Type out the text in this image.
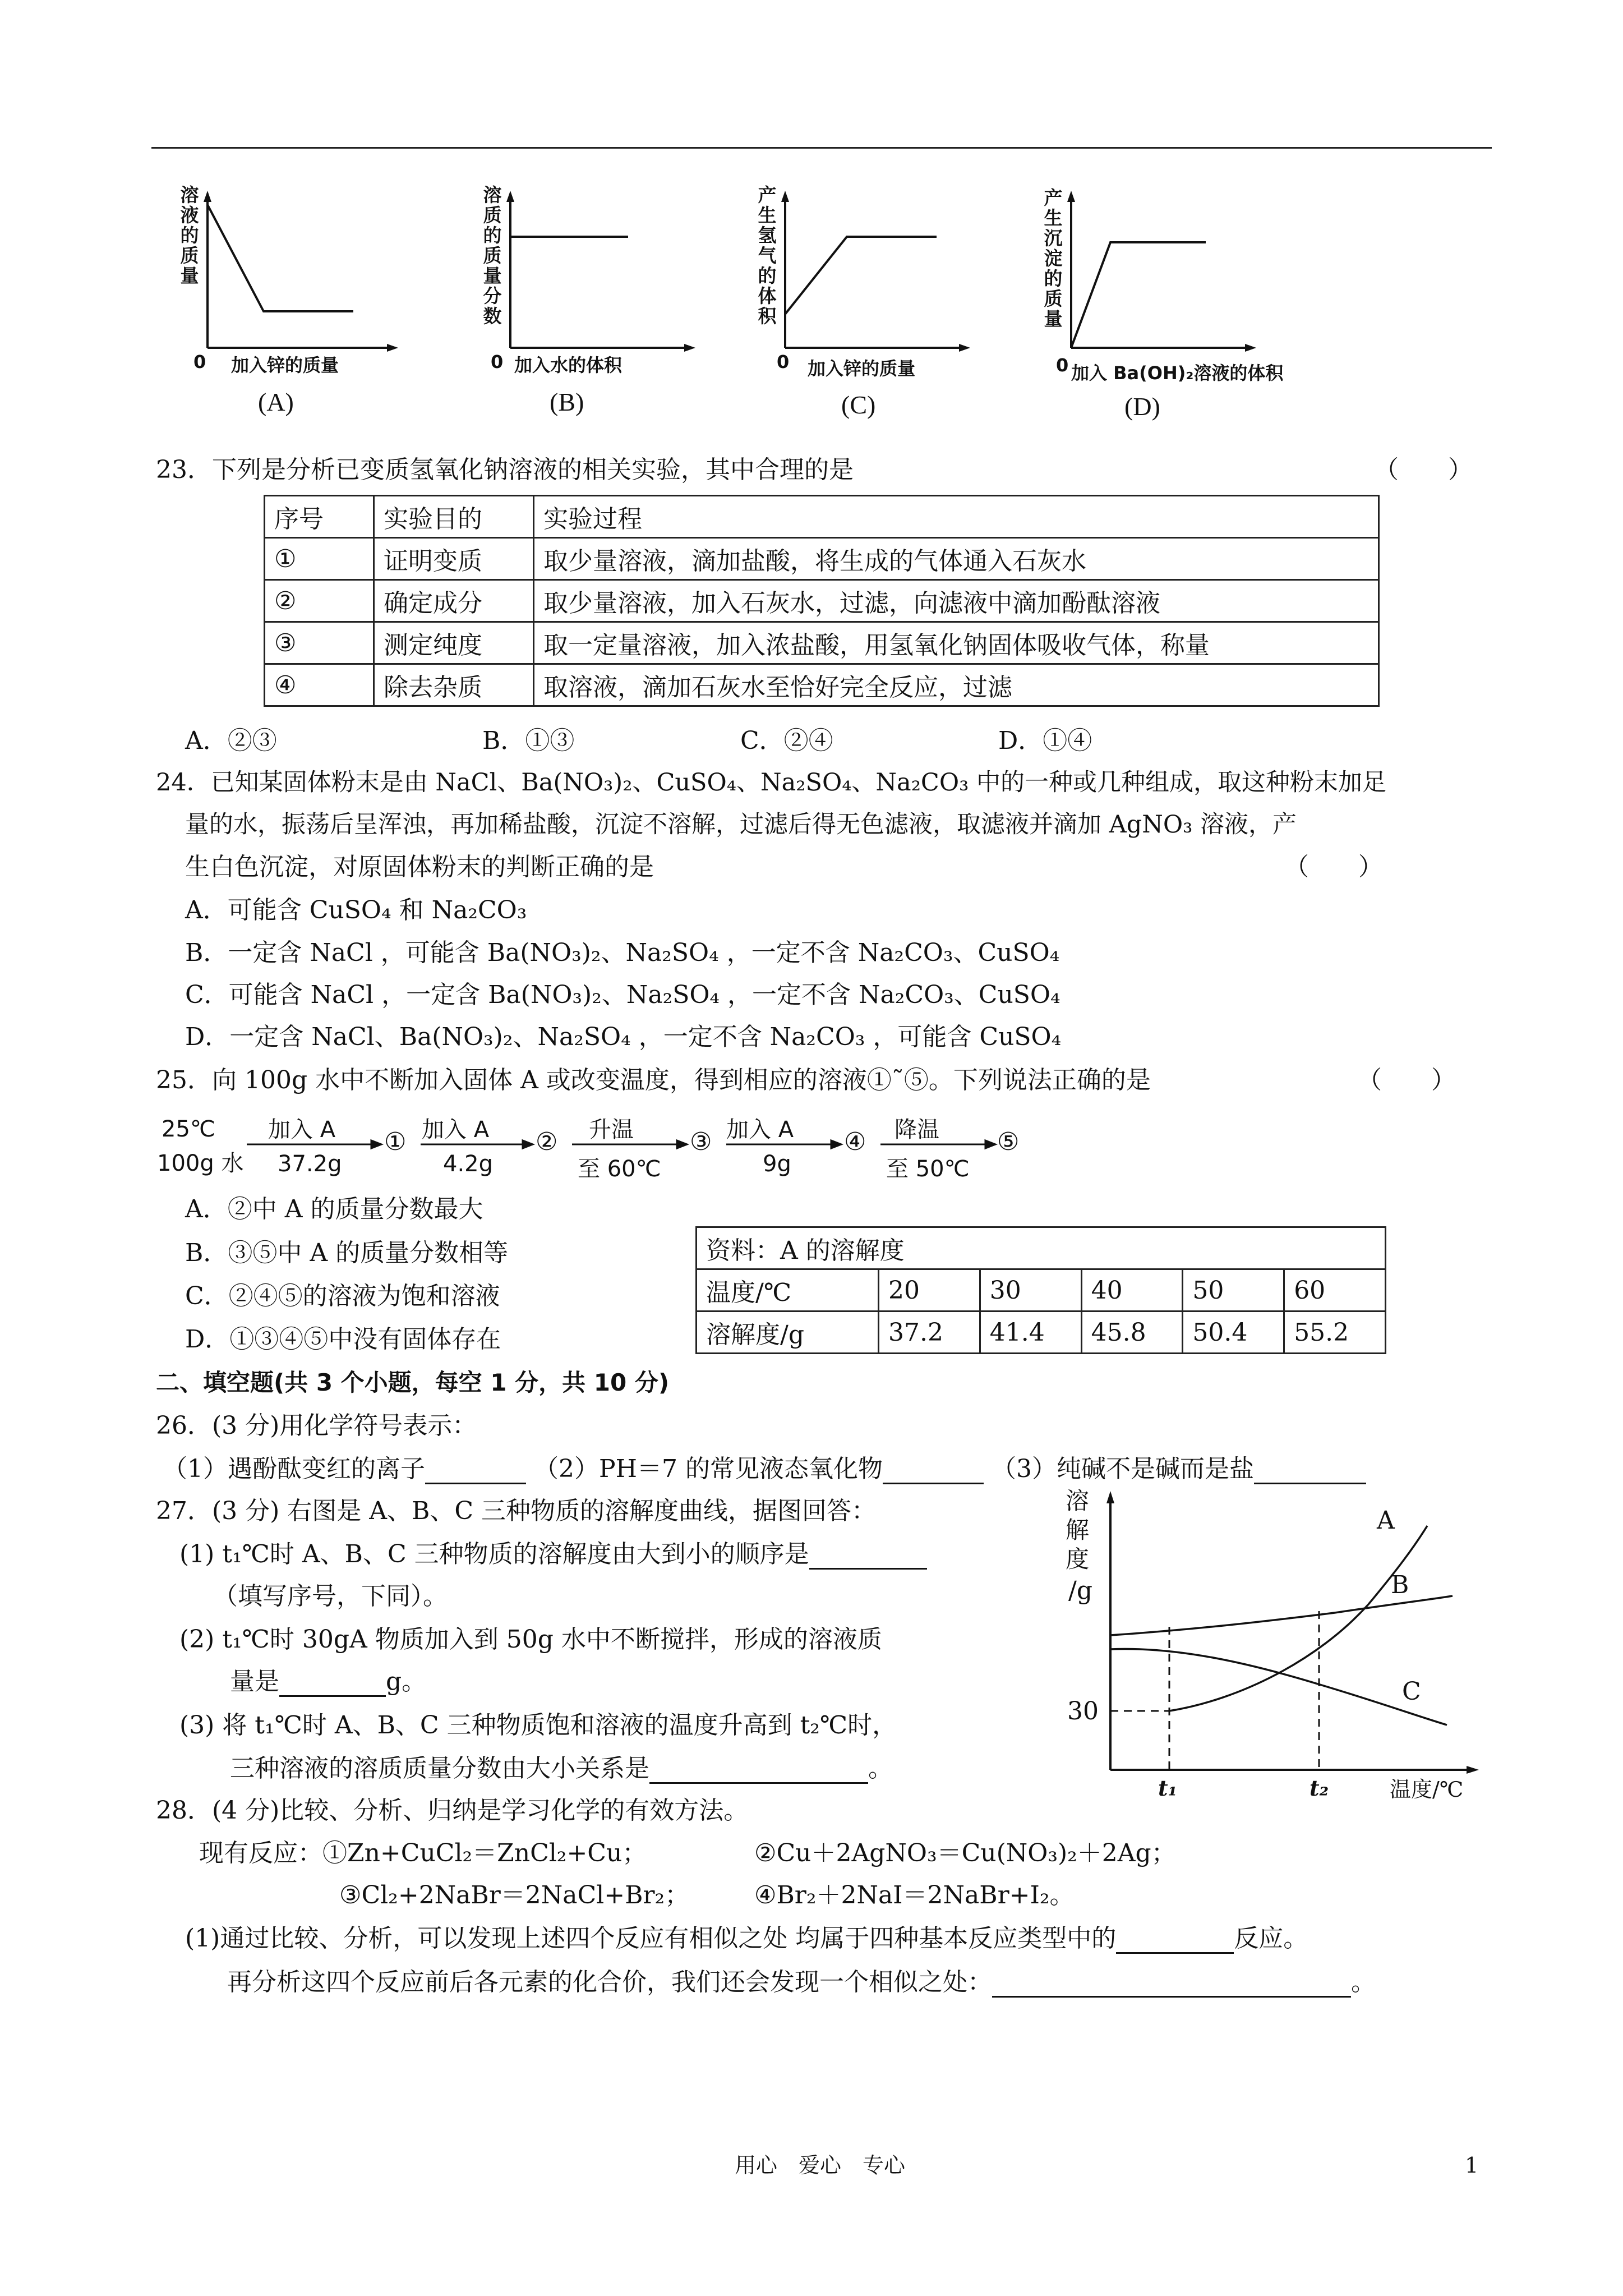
溶液的质量
0 加入锌的质量
(A)
溶质的质量分数
0 加入水的体积
(B)
产生氢气的体积
0 加入锌的质量
(C)
产生沉淀的质量
0 加入 Ba(OH)₂溶液的体积
(D)
23．下列是分析已变质氢氧化钠溶液的相关实验，其中合理的是	（　　）
序号	实验目的	实验过程
①	证明变质	取少量溶液，滴加盐酸，将生成的气体通入石灰水
②	确定成分	取少量溶液，加入石灰水，过滤，向滤液中滴加酚酞溶液
③	测定纯度	取一定量溶液，加入浓盐酸，用氢氧化钠固体吸收气体，称量
④	除去杂质	取溶液，滴加石灰水至恰好完全反应，过滤
A．②③	B．①③	C．②④	D．①④
24．已知某固体粉末是由 NaCl、Ba(NO₃)₂、CuSO₄、Na₂SO₄、Na₂CO₃ 中的一种或几种组成，取这种粉末加足
量的水，振荡后呈浑浊，再加稀盐酸，沉淀不溶解，过滤后得无色滤液，取滤液并滴加 AgNO₃ 溶液，产
生白色沉淀，对原固体粉末的判断正确的是	（　　）
A．可能含 CuSO₄ 和 Na₂CO₃
B．一定含 NaCl ，可能含 Ba(NO₃)₂、Na₂SO₄ ，一定不含 Na₂CO₃、CuSO₄
C．可能含 NaCl ，一定含 Ba(NO₃)₂、Na₂SO₄ ，一定不含 Na₂CO₃、CuSO₄
D．一定含 NaCl、Ba(NO₃)₂、Na₂SO₄ ，一定不含 Na₂CO₃ ，可能含 CuSO₄
25．向 100g 水中不断加入固体 A 或改变温度，得到相应的溶液①˜⑤。下列说法正确的是	（　　）
25℃
100g 水
加入 A
37.2g
① 加入 A
4.2g
② 升温
至 60℃
③ 加入 A
9g
④ 降温
至 50℃
⑤
A．②中 A 的质量分数最大
B．③⑤中 A 的质量分数相等
C．②④⑤的溶液为饱和溶液
D．①③④⑤中没有固体存在
资料：A 的溶解度					
温度/℃	20	30	40	50	60
溶解度/g	37.2	41.4	45.8	50.4	55.2
二、填空题(共 3 个小题，每空 1 分，共 10 分)
26．(3 分)用化学符号表示：
（1）遇酚酞变红的离子	（2）PH＝7 的常见液态氧化物	（3）纯碱不是碱而是盐
27．(3 分) 右图是 A、B、C 三种物质的溶解度曲线，据图回答：
(1) t₁℃时 A、B、C 三种物质的溶解度由大到小的顺序是
（填写序号，下同）。
(2) t₁℃时 30gA 物质加入到 50g 水中不断搅拌，形成的溶液质
量是	g。
(3) 将 t₁℃时 A、B、C 三种物质饱和溶液的温度升高到 t₂℃时，
三种溶液的溶质质量分数由大小关系是	。
溶解度
/g
30
t₁	t₂	温度/℃
A
B
C
28．(4 分)比较、分析、归纳是学习化学的有效方法。
现有反应：①Zn+CuCl₂＝ZnCl₂+Cu；	②Cu＋2AgNO₃＝Cu(NO₃)₂＋2Ag；
③Cl₂+2NaBr＝2NaCl+Br₂；	④Br₂＋2NaI＝2NaBr+I₂。
(1)通过比较、分析，可以发现上述四个反应有相似之处 均属于四种基本反应类型中的	反应。
再分析这四个反应前后各元素的化合价，我们还会发现一个相似之处：	。
用心　爱心　专心	1
